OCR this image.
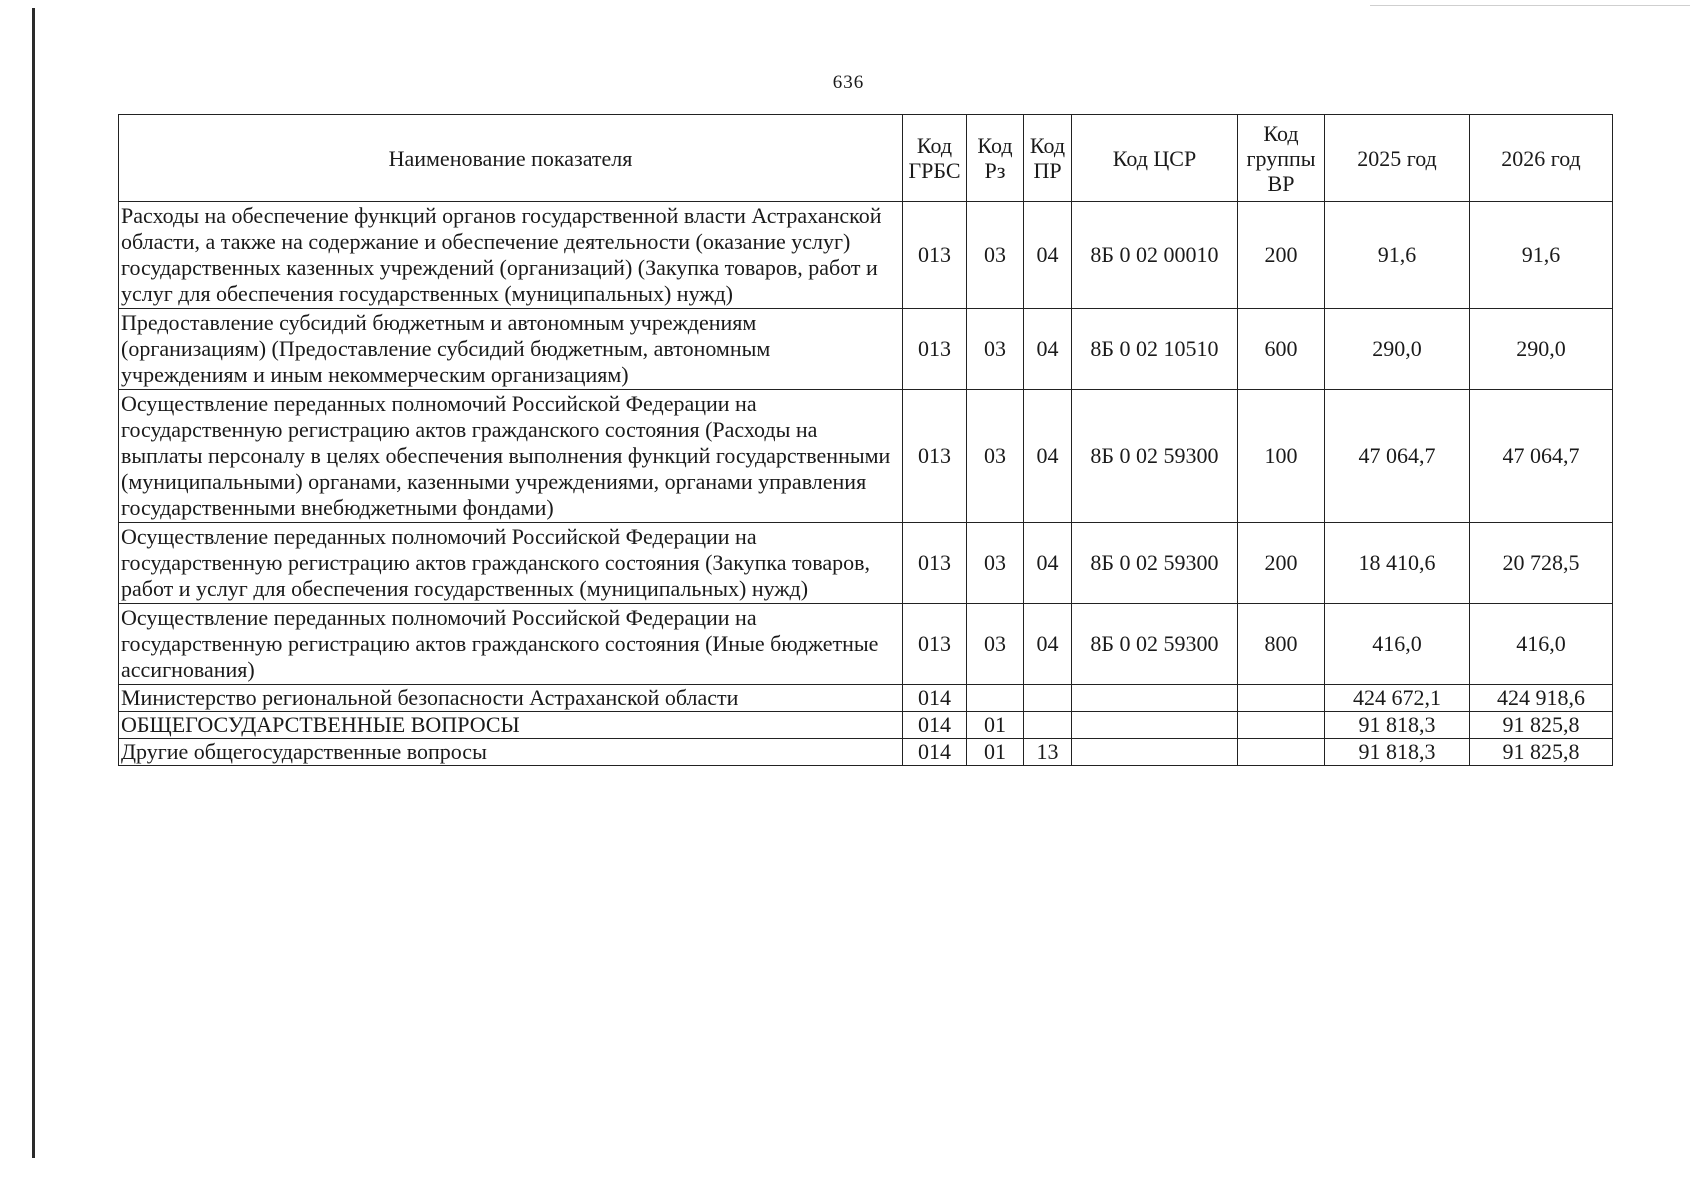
636
Наименование показателя	Код ГРБС	Код Рз	Код ПР	Код ЦСР	Код группы ВР	2025 год	2026 год
Расходы на обеспечение функций органов государственной власти Астраханской области, а также на содержание и обеспечение деятельности (оказание услуг) государственных казенных учреждений (организаций) (Закупка товаров, работ и услуг для обеспечения государственных (муниципальных) нужд)	013	03	04	8Б 0 02 00010	200	91,6	91,6
Предоставление субсидий бюджетным и автономным учреждениям (организациям) (Предоставление субсидий бюджетным, автономным учреждениям и иным некоммерческим организациям)	013	03	04	8Б 0 02 10510	600	290,0	290,0
Осуществление переданных полномочий Российской Федерации на государственную регистрацию актов гражданского состояния (Расходы на выплаты персоналу в целях обеспечения выполнения функций государственными (муниципальными) органами, казенными учреждениями, органами управления государственными внебюджетными фондами)	013	03	04	8Б 0 02 59300	100	47 064,7	47 064,7
Осуществление переданных полномочий Российской Федерации на государственную регистрацию актов гражданского состояния (Закупка товаров, работ и услуг для обеспечения государственных (муниципальных) нужд)	013	03	04	8Б 0 02 59300	200	18 410,6	20 728,5
Осуществление переданных полномочий Российской Федерации на государственную регистрацию актов гражданского состояния (Иные бюджетные ассигнования)	013	03	04	8Б 0 02 59300	800	416,0	416,0
Министерство региональной безопасности Астраханской области	014					424 672,1	424 918,6
ОБЩЕГОСУДАРСТВЕННЫЕ ВОПРОСЫ	014	01				91 818,3	91 825,8
Другие общегосударственные вопросы	014	01	13			91 818,3	91 825,8
